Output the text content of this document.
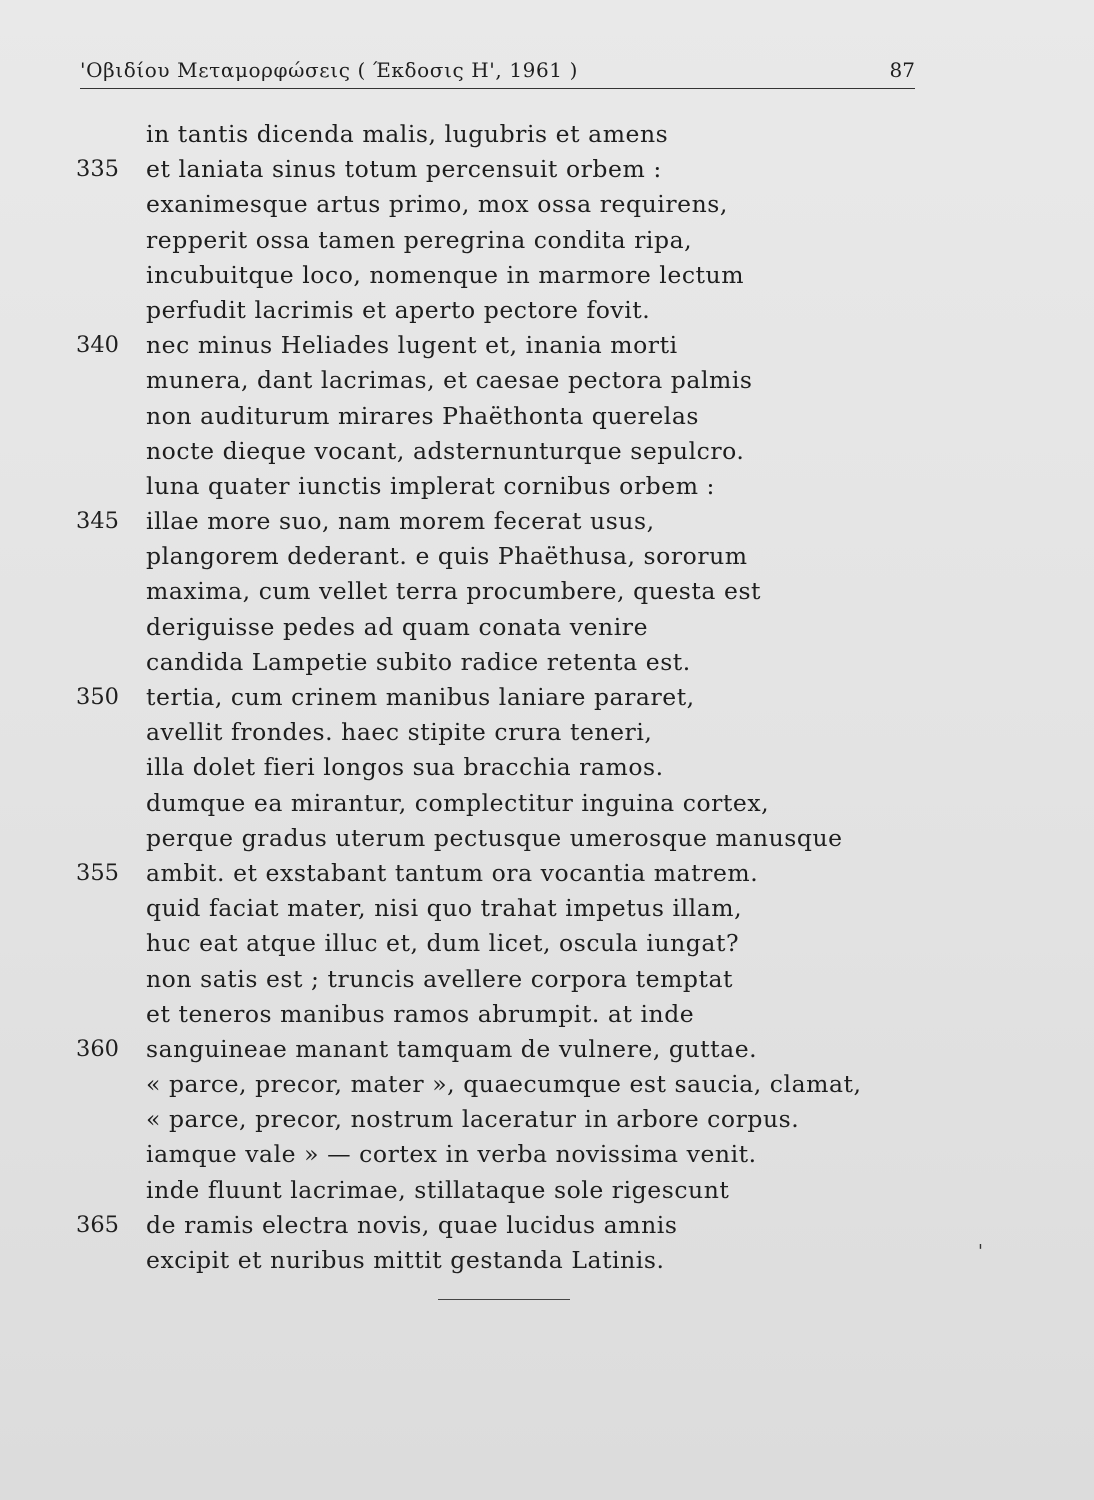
'Οβιδίου Μεταμορφώσεις ( Έκδοσις Η', 1961 )	87
in tantis dicenda malis, lugubris et amens
335 et laniata sinus totum percensuit orbem :
exanimesque artus primo, mox ossa requirens,
repperit ossa tamen peregrina condita ripa,
incubuitque loco, nomenque in marmore lectum
perfudit lacrimis et aperto pectore fovit.
340 nec minus Heliades lugent et, inania morti
munera, dant lacrimas, et caesae pectora palmis
non auditurum mirares Phaëthonta querelas
nocte dieque vocant, adsternunturque sepulcro.
luna quater iunctis implerat cornibus orbem :
345 illae more suo, nam morem fecerat usus,
plangorem dederant. e quis Phaëthusa, sororum
maxima, cum vellet terra procumbere, questa est
deriguisse pedes ad quam conata venire
candida Lampetie subito radice retenta est.
350 tertia, cum crinem manibus laniare pararet,
avellit frondes. haec stipite crura teneri,
illa dolet fieri longos sua bracchia ramos.
dumque ea mirantur, complectitur inguina cortex,
perque gradus uterum pectusque umerosque manusque
355 ambit. et exstabant tantum ora vocantia matrem.
quid faciat mater, nisi quo trahat impetus illam,
huc eat atque illuc et, dum licet, oscula iungat?
non satis est ; truncis avellere corpora temptat
et teneros manibus ramos abrumpit. at inde
360 sanguineae manant tamquam de vulnere, guttae.
« parce, precor, mater », quaecumque est saucia, clamat,
« parce, precor, nostrum laceratur in arbore corpus.
iamque vale » — cortex in verba novissima venit.
inde fluunt lacrimae, stillataque sole rigescunt
365 de ramis electra novis, quae lucidus amnis
excipit et nuribus mittit gestanda Latinis.	'
